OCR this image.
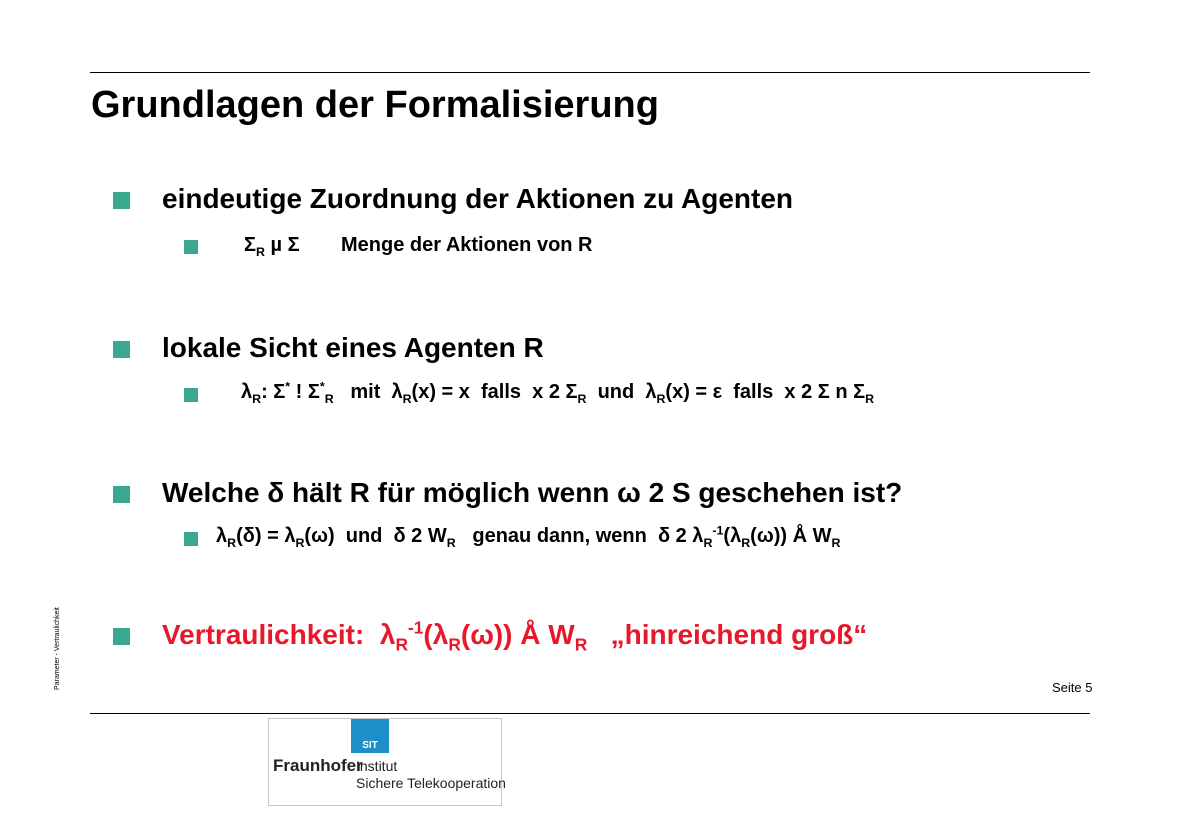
Grundlagen der Formalisierung
eindeutige Zuordnung der Aktionen zu Agenten
$\Sigma_R$ µ Σ Menge der Aktionen von R
lokale Sicht eines Agenten R
$\lambda_R$: Σ* ! $\Sigma^*_R$   mit  $\lambda_R(x) = x$  falls  x 2 $\Sigma_R$  und  $\lambda_R(x) = \varepsilon$  falls  x 2 Σ n $\Sigma_R$
Welche δ hält R für möglich wenn ω 2 S geschehen ist?
$\lambda_R(\delta) = \lambda_R(\omega)$  und  δ 2 $W_R$   genau dann, wenn  δ 2 $\lambda_R^{-1}(\lambda_R(\omega))$ Å $W_R$
Vertraulichkeit:  $\lambda_R^{-1}(\lambda_R(\omega))$ Å $W_R$   „hinreichend groß“
Parameter - Vertraulichkeit	Seite 5
SIT
Fraunhofer
Institut
Sichere Telekooperation
